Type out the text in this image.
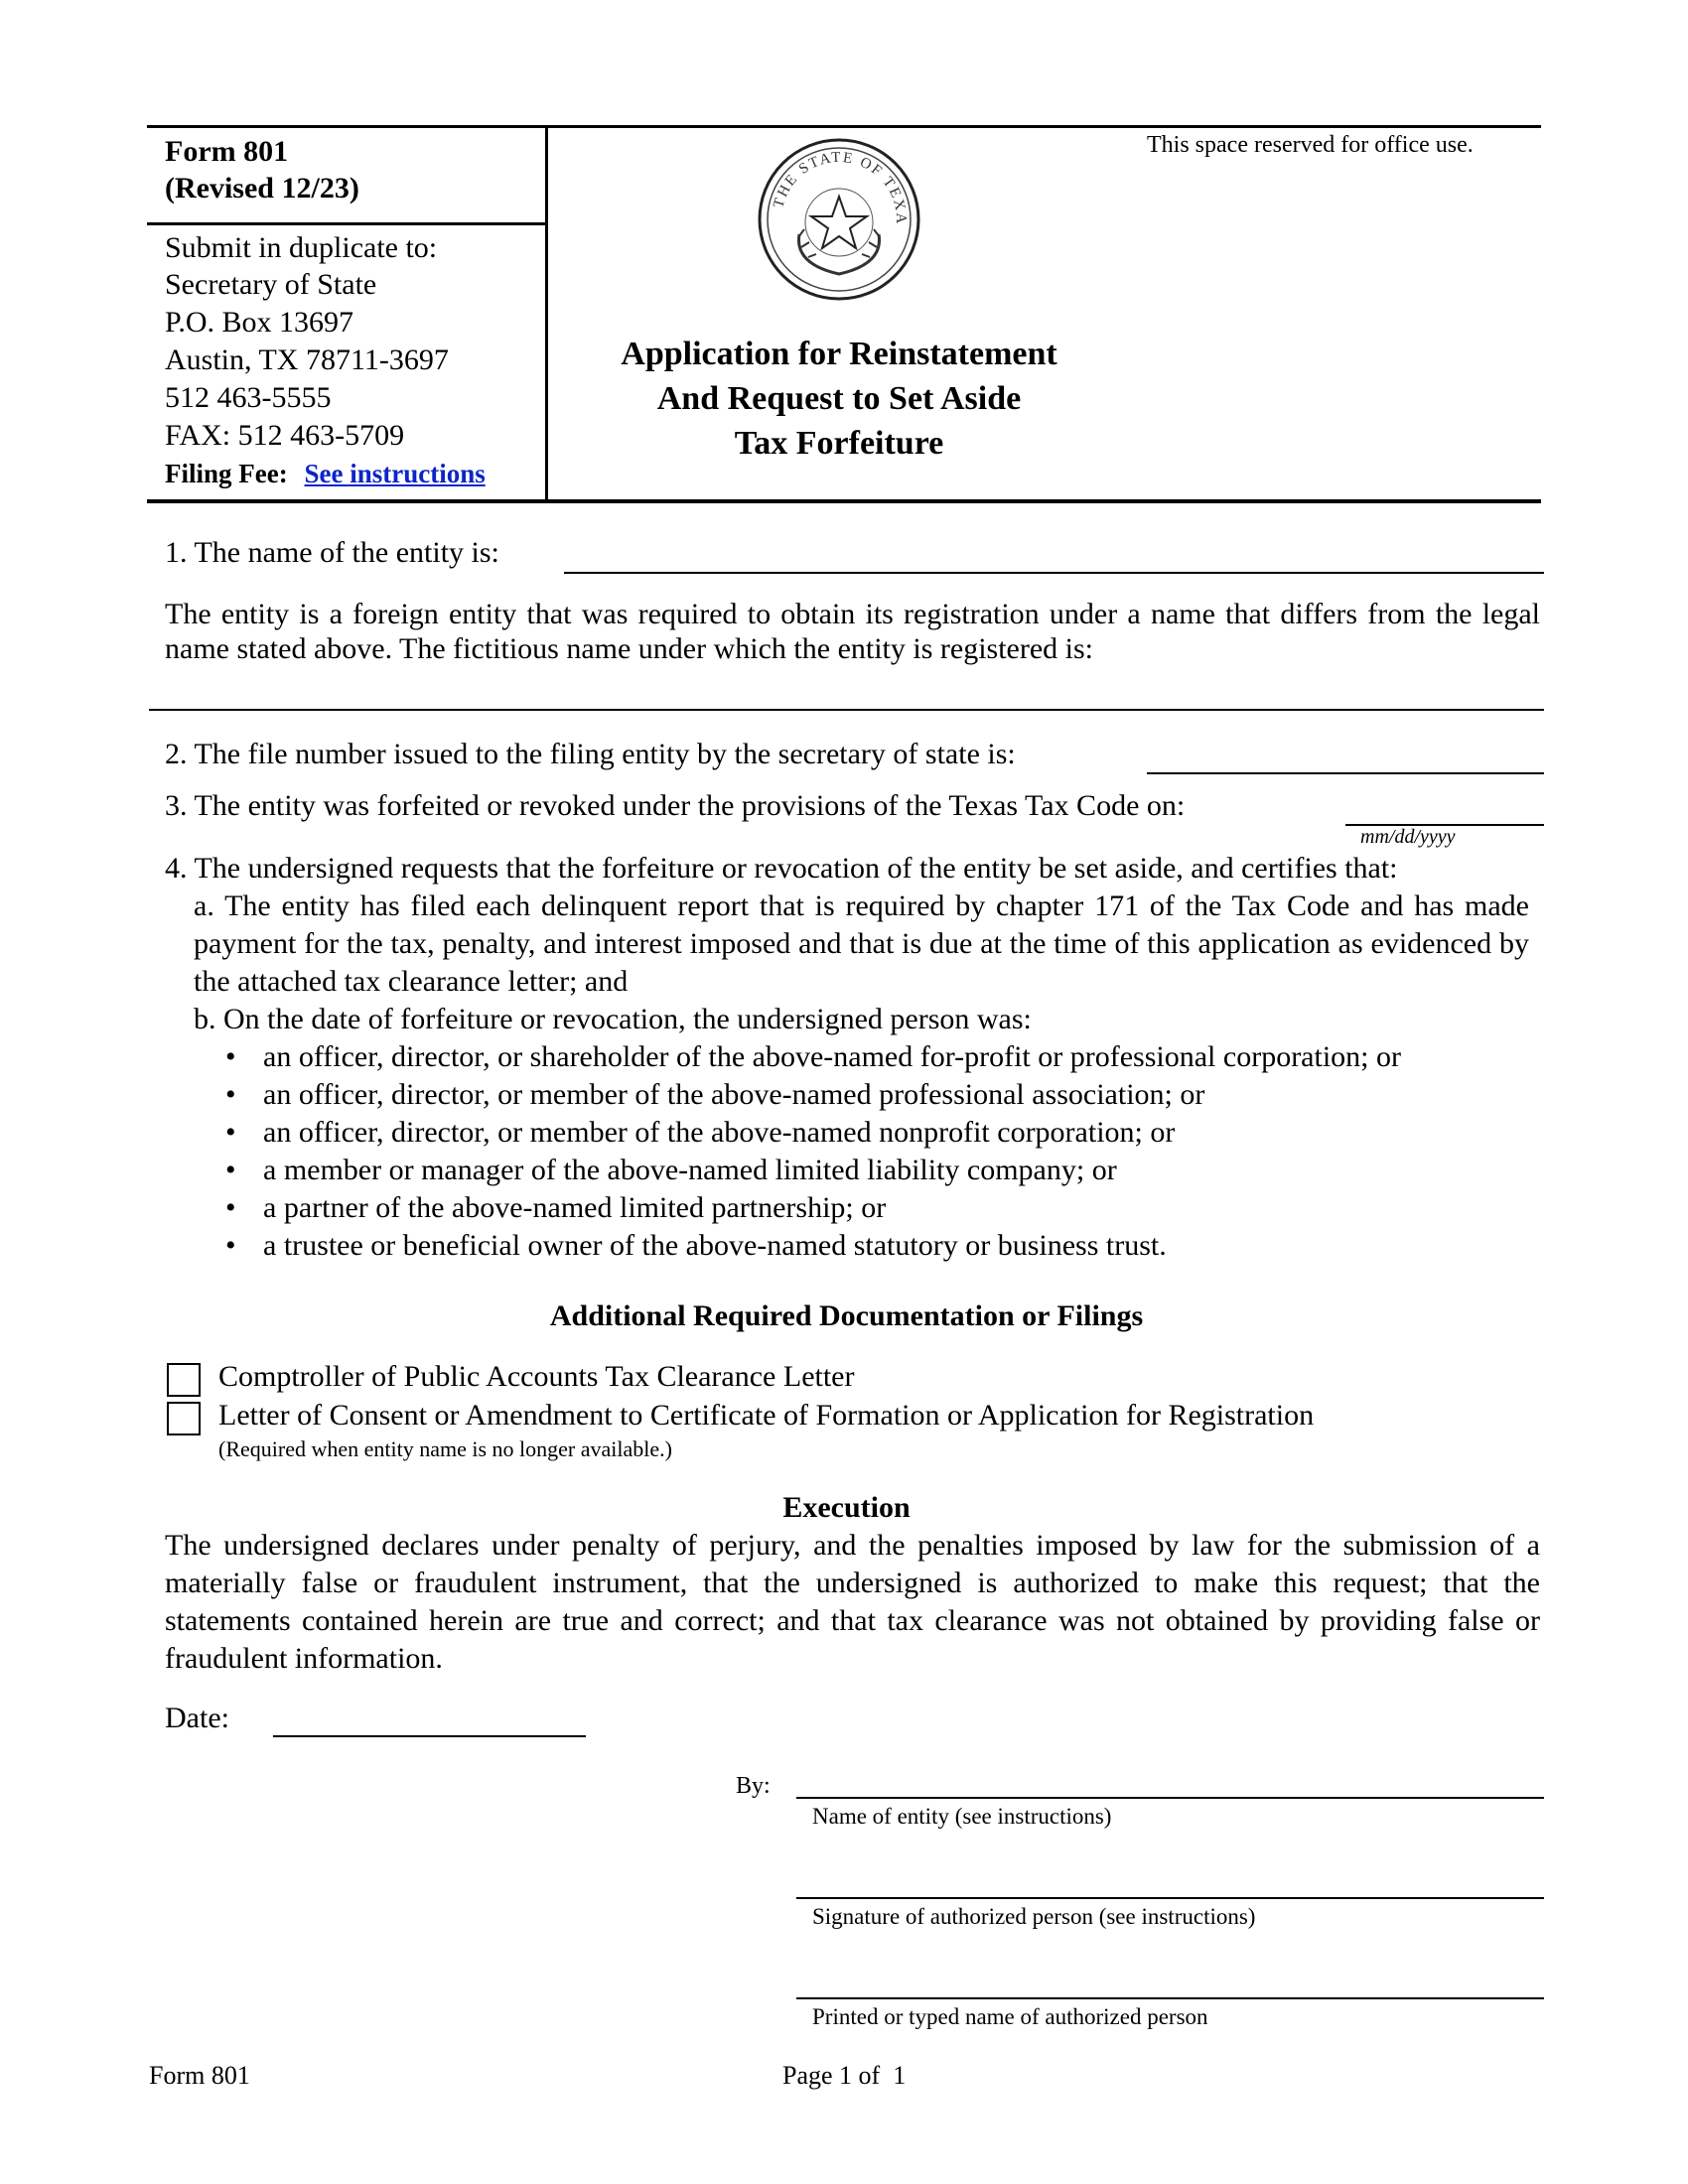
Form 801
(Revised 12/23)
Submit in duplicate to:
Secretary of State
P.O. Box 13697
Austin, TX 78711-3697
512 463-5555
FAX: 512 463-5709
Filing Fee: See instructions
This space reserved for office use.
THE STATE OF TEXA
Application for Reinstatement
And Request to Set Aside
Tax Forfeiture
1. The name of the entity is:
The entity is a foreign entity that was required to obtain its registration under a name that differs from the legal name stated above. The fictitious name under which the entity is registered is:
2. The file number issued to the filing entity by the secretary of state is:
3. The entity was forfeited or revoked under the provisions of the Texas Tax Code on:
mm/dd/yyyy
4. The undersigned requests that the forfeiture or revocation of the entity be set aside, and certifies that:
a. The entity has filed each delinquent report that is required by chapter 171 of the Tax Code and has made payment for the tax, penalty, and interest imposed and that is due at the time of this application as evidenced by the attached tax clearance letter; and
b. On the date of forfeiture or revocation, the undersigned person was:
• an officer, director, or shareholder of the above-named for-profit or professional corporation; or
• an officer, director, or member of the above-named professional association; or
• an officer, director, or member of the above-named nonprofit corporation; or
• a member or manager of the above-named limited liability company; or
• a partner of the above-named limited partnership; or
• a trustee or beneficial owner of the above-named statutory or business trust.
Additional Required Documentation or Filings
Comptroller of Public Accounts Tax Clearance Letter
Letter of Consent or Amendment to Certificate of Formation or Application for Registration
(Required when entity name is no longer available.)
Execution
The undersigned declares under penalty of perjury, and the penalties imposed by law for the submission of a materially false or fraudulent instrument, that the undersigned is authorized to make this request; that the statements contained herein are true and correct; and that tax clearance was not obtained by providing false or fraudulent information.
Date:
By:
Name of entity (see instructions)
Signature of authorized person (see instructions)
Printed or typed name of authorized person
Form 801	Page 1 of  1
